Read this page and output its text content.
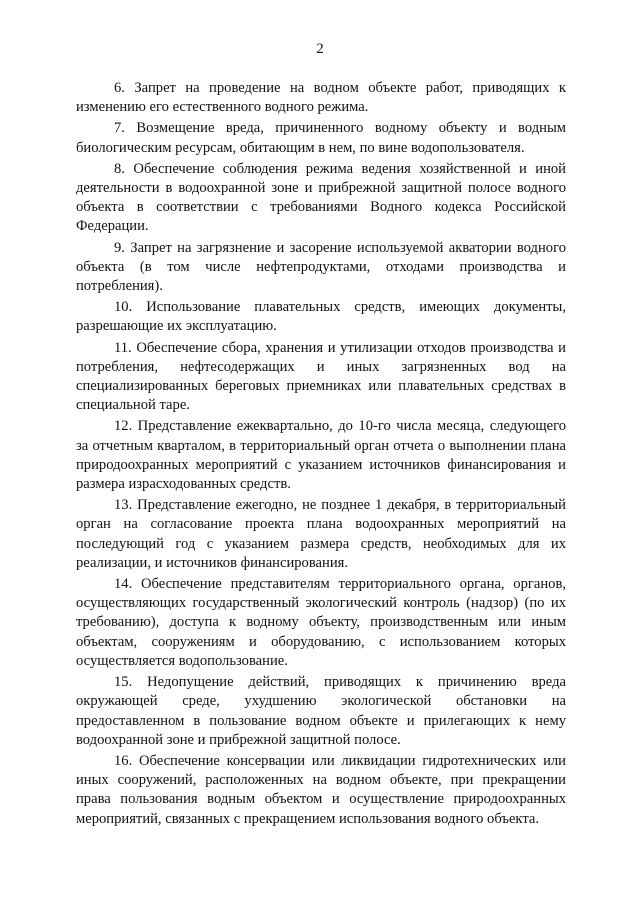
2

6. Запрет на проведение на водном объекте работ, приводящих к изменению его естественного водного режима.

7. Возмещение вреда, причиненного водному объекту и водным биологическим ресурсам, обитающим в нем, по вине водопользователя.

8. Обеспечение соблюдения режима ведения хозяйственной и иной деятельности в водоохранной зоне и прибрежной защитной полосе водного объекта в соответствии с требованиями Водного кодекса Российской Федерации.

9. Запрет на загрязнение и засорение используемой акватории водного объекта (в том числе нефтепродуктами, отходами производства и потребления).

10. Использование плавательных средств, имеющих документы, разрешающие их эксплуатацию.

11. Обеспечение сбора, хранения и утилизации отходов производства и потребления, нефтесодержащих и иных загрязненных вод на специализированных береговых приемниках или плавательных средствах в специальной таре.

12. Представление ежеквартально, до 10-го числа месяца, следующего за отчетным кварталом, в территориальный орган отчета о выполнении плана природоохранных мероприятий с указанием источников финансирования и размера израсходованных средств.

13. Представление ежегодно, не позднее 1 декабря, в территориальный орган на согласование проекта плана водоохранных мероприятий на последующий год с указанием размера средств, необходимых для их реализации, и источников финансирования.

14. Обеспечение представителям территориального органа, органов, осуществляющих государственный экологический контроль (надзор) (по их требованию), доступа к водному объекту, производственным или иным объектам, сооружениям и оборудованию, с использованием которых осуществляется водопользование.

15. Недопущение действий, приводящих к причинению вреда окружающей среде, ухудшению экологической обстановки на предоставленном в пользование водном объекте и прилегающих к нему водоохранной зоне и прибрежной защитной полосе.

16. Обеспечение консервации или ликвидации гидротехнических или иных сооружений, расположенных на водном объекте, при прекращении права пользования водным объектом и осуществление природоохранных мероприятий, связанных с прекращением использования водного объекта.
